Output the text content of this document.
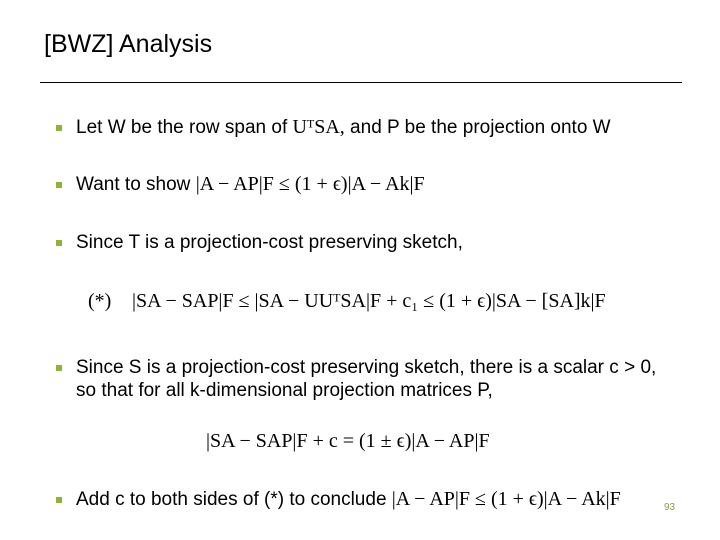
[BWZ] Analysis
Let W be the row span of UᵀSA, and P be the projection onto W
Want to show |A − AP|F ≤ (1 + ϵ)|A − Ak|F
Since T is a projection-cost preserving sketch,
(*) |SA − SAP|F ≤ |SA − UUᵀSA|F + c₁ ≤ (1 + ϵ)|SA − [SA]k|F
Since S is a projection-cost preserving sketch, there is a scalar c > 0, so that for all k-dimensional projection matrices P,
|SA − SAP|F + c = (1 ± ϵ)|A − AP|F
Add c to both sides of (*) to conclude |A − AP|F ≤ (1 + ϵ)|A − Ak|F	93
